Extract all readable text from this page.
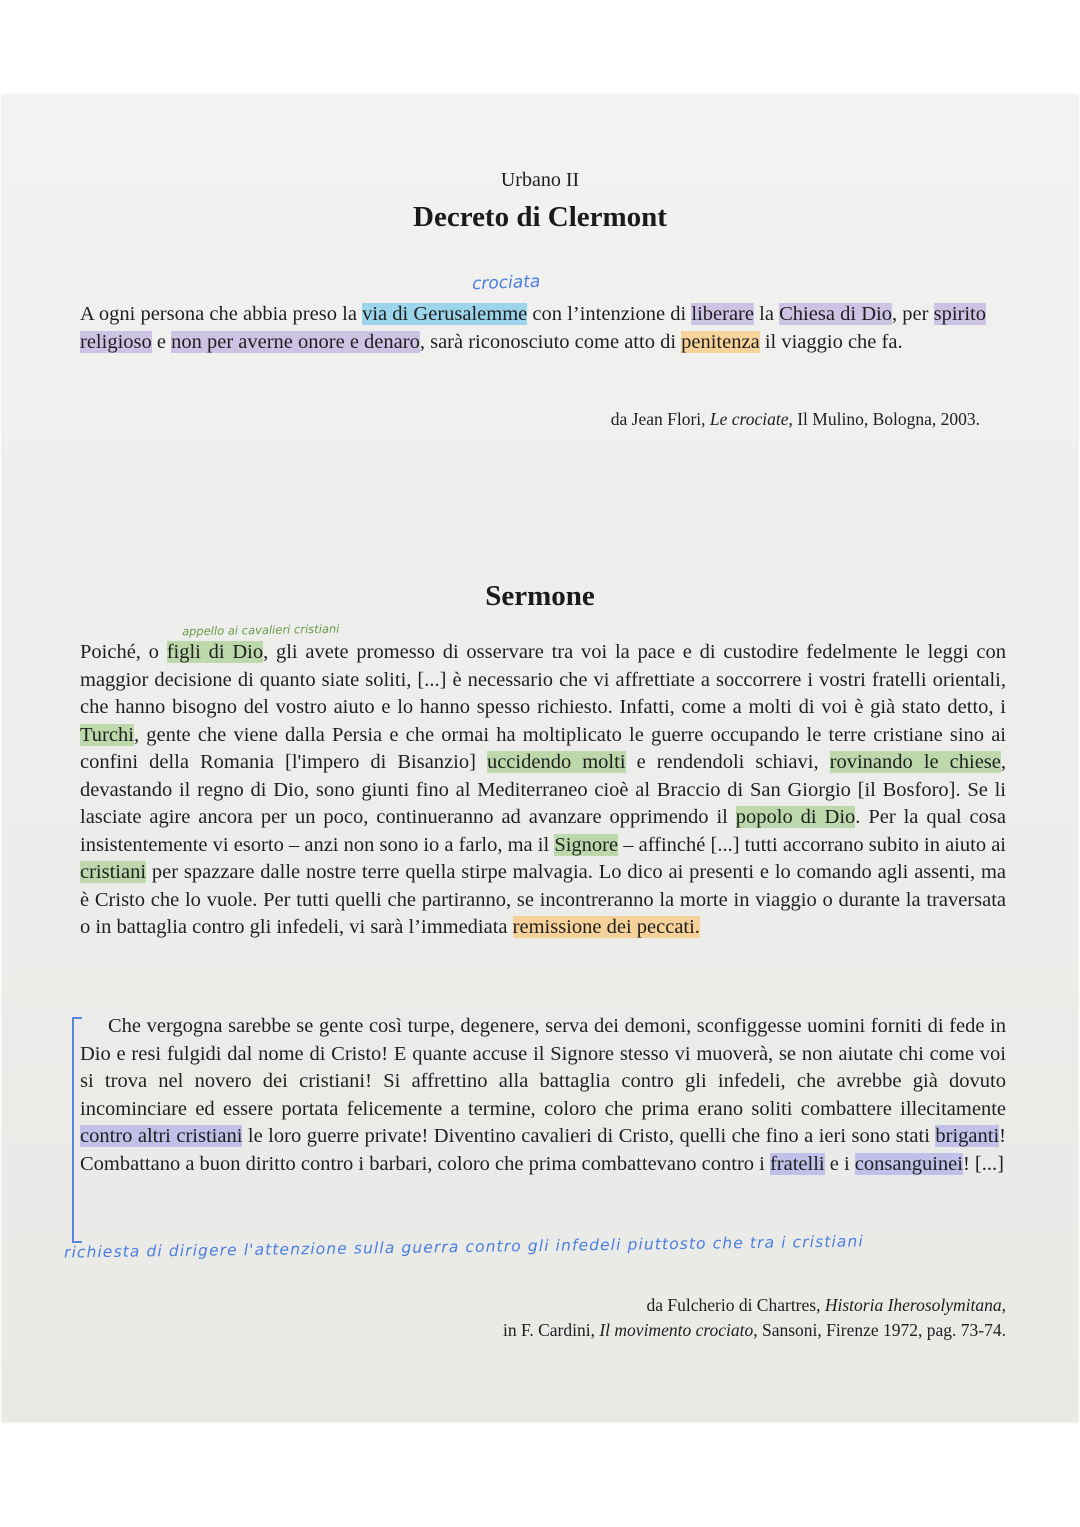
Urbano II
Decreto di Clermont
crociata
A ogni persona che abbia preso la via di Gerusalemme con l’intenzione di liberare la Chiesa di Dio, per spirito religioso e non per averne onore e denaro, sarà riconosciuto come atto di penitenza il viaggio che fa.
da Jean Flori, Le crociate, Il Mulino, Bologna, 2003.
Sermone
appello ai cavalieri cristiani
Poiché, o figli di Dio, gli avete promesso di osservare tra voi la pace e di custodire fedelmente le leggi con maggior decisione di quanto siate soliti, [...] è necessario che vi affrettiate a soccorrere i vostri fratelli orientali, che hanno bisogno del vostro aiuto e lo hanno spesso richiesto. Infatti, come a molti di voi è già stato detto, i Turchi, gente che viene dalla Persia e che ormai ha moltiplicato le guerre occupando le terre cristiane sino ai confini della Romania [l'impero di Bisanzio] uccidendo molti e rendendoli schiavi, rovinando le chiese, devastando il regno di Dio, sono giunti fino al Mediterraneo cioè al Braccio di San Giorgio [il Bosforo]. Se li lasciate agire ancora per un poco, continueranno ad avanzare opprimendo il popolo di Dio. Per la qual cosa insistentemente vi esorto – anzi non sono io a farlo, ma il Signore – affinché [...] tutti accorrano subito in aiuto ai cristiani per spazzare dalle nostre terre quella stirpe malvagia. Lo dico ai presenti e lo comando agli assenti, ma è Cristo che lo vuole. Per tutti quelli che partiranno, se incontreranno la morte in viaggio o durante la traversata o in battaglia contro gli infedeli, vi sarà l’immediata remissione dei peccati.
Che vergogna sarebbe se gente così turpe, degenere, serva dei demoni, sconfiggesse uomini forniti di fede in Dio e resi fulgidi dal nome di Cristo! E quante accuse il Signore stesso vi muoverà, se non aiutate chi come voi si trova nel novero dei cristiani! Si affrettino alla battaglia contro gli infedeli, che avrebbe già dovuto incominciare ed essere portata felicemente a termine, coloro che prima erano soliti combattere illecitamente contro altri cristiani le loro guerre private! Diventino cavalieri di Cristo, quelli che fino a ieri sono stati briganti! Combattano a buon diritto contro i barbari, coloro che prima combattevano contro i fratelli e i consanguinei! [...]
richiesta di dirigere l'attenzione sulla guerra contro gli infedeli piuttosto che tra i cristiani
da Fulcherio di Chartres, Historia Iherosolymitana,
in F. Cardini, Il movimento crociato, Sansoni, Firenze 1972, pag. 73-74.
